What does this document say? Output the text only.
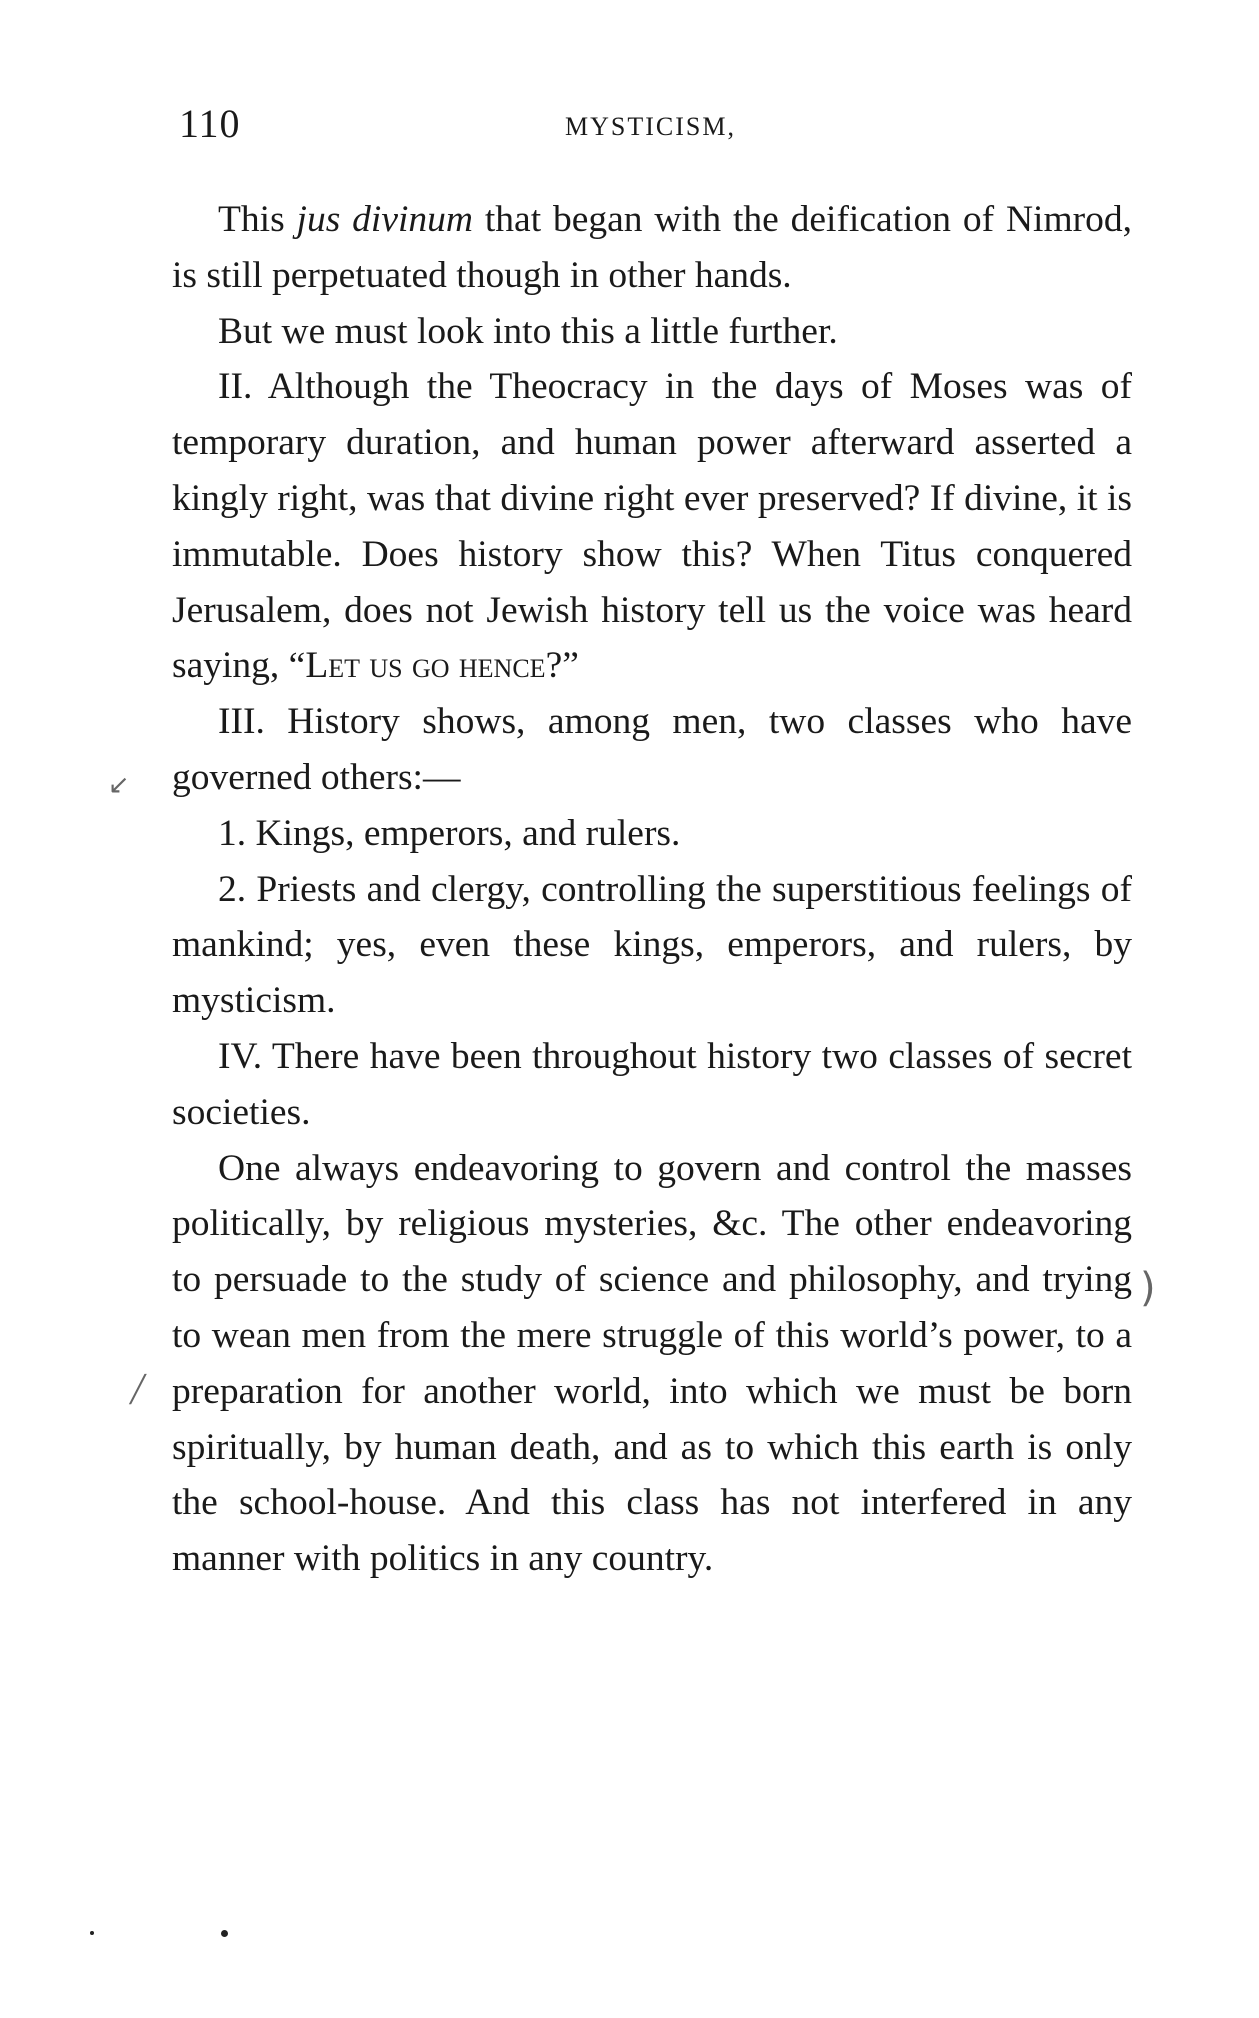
110	MYSTICISM,

This jus divinum that began with the deification of Nimrod, is still perpetuated though in other hands.

But we must look into this a little further.

II. Although the Theocracy in the days of Moses was of temporary duration, and human power afterward asserted a kingly right, was that divine right ever preserved? If divine, it is immutable. Does history show this? When Titus conquered Jerusalem, does not Jewish history tell us the voice was heard saying, “Let us go hence?”

III. History shows, among men, two classes who have governed others:—

1. Kings, emperors, and rulers.

2. Priests and clergy, controlling the superstitious feelings of mankind; yes, even these kings, emperors, and rulers, by mysticism.

IV. There have been throughout history two classes of secret societies.

One always endeavoring to govern and control the masses politically, by religious mysteries, &c. The other endeavoring to persuade to the study of science and philosophy, and trying to wean men from the mere struggle of this world’s power, to a preparation for another world, into which we must be born spiritually, by human death, and as to which this earth is only the school-house. And this class has not interfered in any manner with politics in any country.

↙
)
╱
